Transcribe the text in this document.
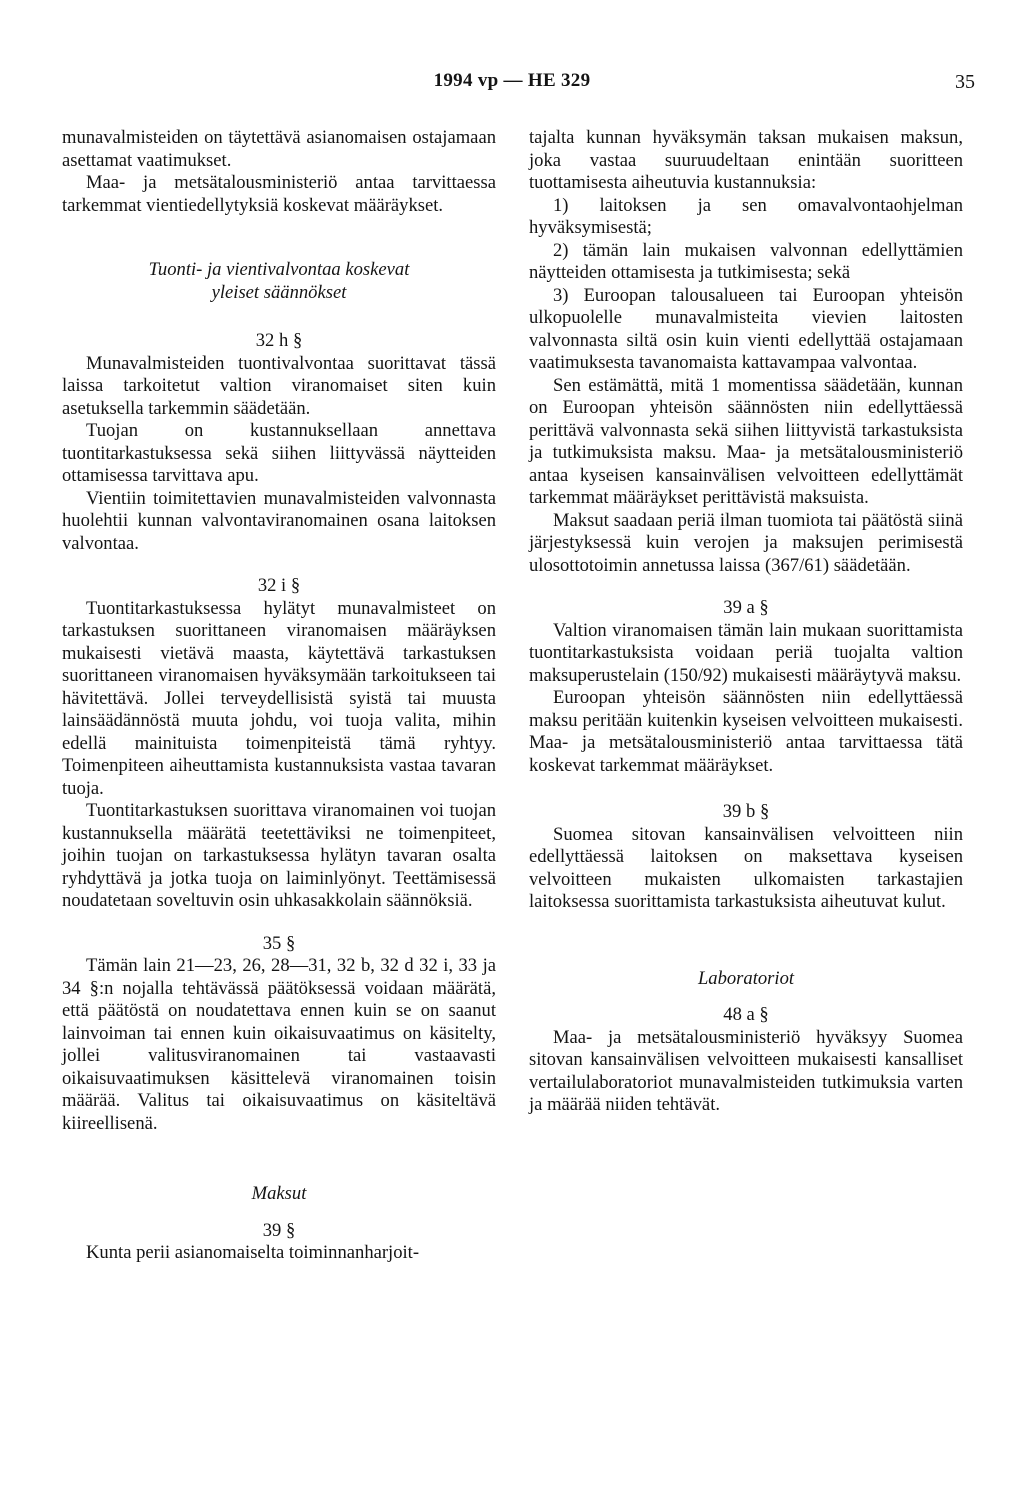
1994 vp — HE 329	35

munavalmisteiden on täytettävä asianomaisen ostajamaan asettamat vaatimukset.

Maa- ja metsätalousministeriö antaa tarvittaessa tarkemmat vientiedellytyksiä koskevat määräykset.

Tuonti- ja vientivalvontaa koskevat
yleiset säännökset
32 h §

Munavalmisteiden tuontivalvontaa suorittavat tässä laissa tarkoitetut valtion viranomaiset siten kuin asetuksella tarkemmin säädetään.

Tuojan on kustannuksellaan annettava tuontitarkastuksessa sekä siihen liittyvässä näytteiden ottamisessa tarvittava apu.

Vientiin toimitettavien munavalmisteiden valvonnasta huolehtii kunnan valvontaviranomainen osana laitoksen valvontaa.

32 i §

Tuontitarkastuksessa hylätyt munavalmisteet on tarkastuksen suorittaneen viranomaisen määräyksen mukaisesti vietävä maasta, käytettävä tarkastuksen suorittaneen viranomaisen hyväksymään tarkoitukseen tai hävitettävä. Jollei terveydellisistä syistä tai muusta lainsäädännöstä muuta johdu, voi tuoja valita, mihin edellä mainituista toimenpiteistä tämä ryhtyy. Toimenpiteen aiheuttamista kustannuksista vastaa tavaran tuoja.

Tuontitarkastuksen suorittava viranomainen voi tuojan kustannuksella määrätä teetettäviksi ne toimenpiteet, joihin tuojan on tarkastuksessa hylätyn tavaran osalta ryhdyttävä ja jotka tuoja on laiminlyönyt. Teettämisessä noudatetaan soveltuvin osin uhkasakkolain säännöksiä.

35 §

Tämän lain 21—23, 26, 28—31, 32 b, 32 d 32 i, 33 ja 34 §:n nojalla tehtävässä päätöksessä voidaan määrätä, että päätöstä on noudatettava ennen kuin se on saanut lainvoiman tai ennen kuin oikaisuvaatimus on käsitelty, jollei valitusviranomainen tai vastaavasti oikaisuvaatimuksen käsittelevä viranomainen toisin määrää. Valitus tai oikaisuvaatimus on käsiteltävä kiireellisenä.

Maksut
39 §

Kunta perii asianomaiselta toiminnanharjoit-

tajalta kunnan hyväksymän taksan mukaisen maksun, joka vastaa suuruudeltaan enintään suoritteen tuottamisesta aiheutuvia kustannuksia:

1) laitoksen ja sen omavalvontaohjelman hyväksymisestä;

2) tämän lain mukaisen valvonnan edellyttämien näytteiden ottamisesta ja tutkimisesta; sekä

3) Euroopan talousalueen tai Euroopan yhteisön ulkopuolelle munavalmisteita vievien laitosten valvonnasta siltä osin kuin vienti edellyttää ostajamaan vaatimuksesta tavanomaista kattavampaa valvontaa.

Sen estämättä, mitä 1 momentissa säädetään, kunnan on Euroopan yhteisön säännösten niin edellyttäessä perittävä valvonnasta sekä siihen liittyvistä tarkastuksista ja tutkimuksista maksu. Maa- ja metsätalousministeriö antaa kyseisen kansainvälisen velvoitteen edellyttämät tarkemmat määräykset perittävistä maksuista.

Maksut saadaan periä ilman tuomiota tai päätöstä siinä järjestyksessä kuin verojen ja maksujen perimisestä ulosottotoimin annetussa laissa (367/61) säädetään.

39 a §

Valtion viranomaisen tämän lain mukaan suorittamista tuontitarkastuksista voidaan periä tuojalta valtion maksuperustelain (150/92) mukaisesti määräytyvä maksu.

Euroopan yhteisön säännösten niin edellyttäessä maksu peritään kuitenkin kyseisen velvoitteen mukaisesti. Maa- ja metsätalousministeriö antaa tarvittaessa tätä koskevat tarkemmat määräykset.

39 b §

Suomea sitovan kansainvälisen velvoitteen niin edellyttäessä laitoksen on maksettava kyseisen velvoitteen mukaisten ulkomaisten tarkastajien laitoksessa suorittamista tarkastuksista aiheutuvat kulut.

Laboratoriot
48 a §

Maa- ja metsätalousministeriö hyväksyy Suomea sitovan kansainvälisen velvoitteen mukaisesti kansalliset vertailulaboratoriot munavalmisteiden tutkimuksia varten ja määrää niiden tehtävät.
